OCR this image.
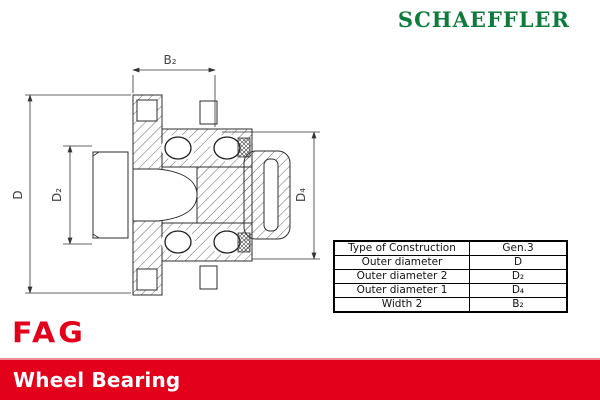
SCHAEFFLER
B₂
D D₂	D₄
Type of Construction	Gen.3
Outer diameter	D
Outer diameter 2	D₂
Outer diameter 1	D₄
Width 2	B₂
FAG
Wheel Bearing
